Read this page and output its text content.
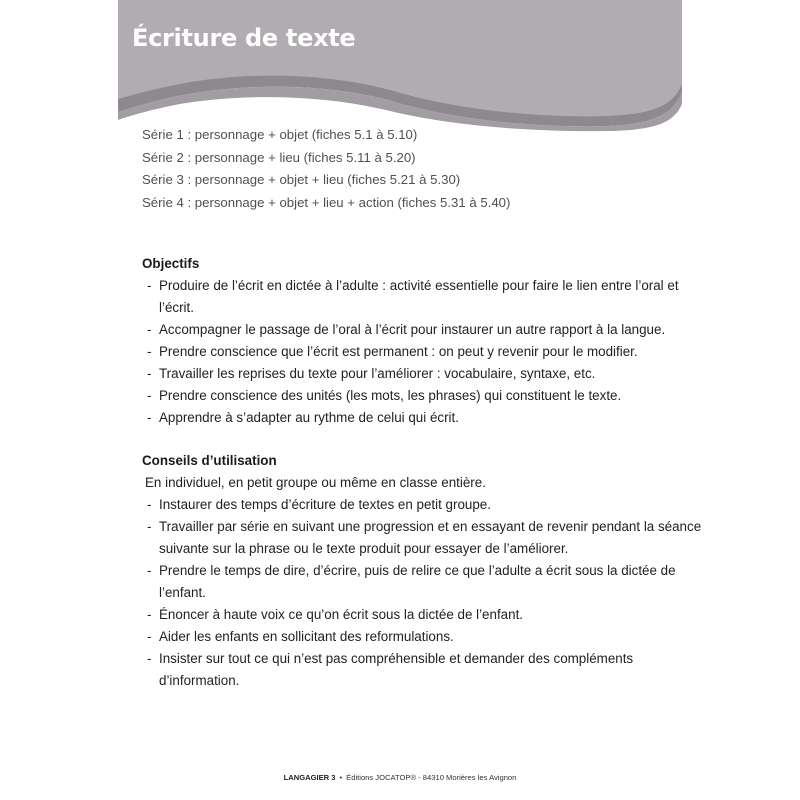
Écriture de texte
Série 1 : personnage + objet (fiches 5.1 à 5.10)
Série 2 : personnage + lieu (fiches 5.11 à 5.20)
Série 3 : personnage + objet + lieu (fiches 5.21 à 5.30)
Série 4 : personnage + objet + lieu + action (fiches 5.31 à 5.40)
Objectifs
- Produire de l’écrit en dictée à l’adulte : activité essentielle pour faire le lien entre l’oral et l’écrit.
- Accompagner le passage de l’oral à l’écrit pour instaurer un autre rapport à la langue.
- Prendre conscience que l’écrit est permanent : on peut y revenir pour le modifier.
- Travailler les reprises du texte pour l’améliorer : vocabulaire, syntaxe, etc.
- Prendre conscience des unités (les mots, les phrases) qui constituent le texte.
- Apprendre à s’adapter au rythme de celui qui écrit.
Conseils d’utilisation

En individuel, en petit groupe ou même en classe entière.

- Instaurer des temps d’écriture de textes en petit groupe.
- Travailler par série en suivant une progression et en essayant de revenir pendant la séance suivante sur la phrase ou le texte produit pour essayer de l’améliorer.
- Prendre le temps de dire, d’écrire, puis de relire ce que l’adulte a écrit sous la dictée de l’enfant.
- Énoncer à haute voix ce qu’on écrit sous la dictée de l’enfant.
- Aider les enfants en sollicitant des reformulations.
- Insister sur tout ce qui n’est pas compréhensible et demander des compléments d’information.
LANGAGIER 3 • Éditions JOCATOP® - 84310 Morières les Avignon
